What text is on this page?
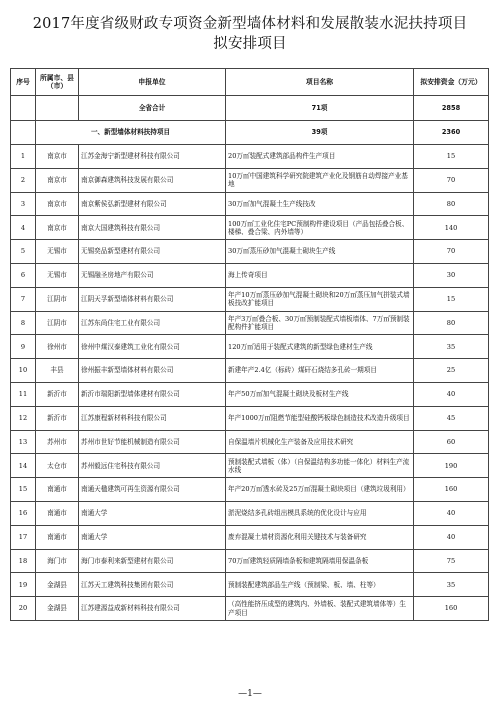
2017年度省级财政专项资金新型墙体材料和发展散装水泥扶持项目
拟安排项目
序号	所属市、县（市）	申报单位	项目名称	拟安排资金（万元）
		全省合计	71项	2858
	一、新型墙体材料扶持项目		39项	2360
1	南京市	江苏金海宁新型建材科技有限公司	20万㎡装配式建筑部品构件生产项目	15
2	南京市	南京御森建筑科技发展有限公司	10万㎡中国建筑科学研究院建筑产业化及钢筋自动焊接产业基地	70
3	南京市	南京紫侯弘新型建材有限公司	30万㎡加气混凝土生产线技改	80
4	南京市	南京大国建筑科技有限公司	100万㎡工业化住宅PC预制构件建设项目（产品包括叠合板、楼梯、叠合梁、内外墙等）	140
5	无锡市	无锡奕品新型建材有限公司	30万㎡蒸压砂加气混凝土砌块生产线	70
6	无锡市	无锡融圣房地产有限公司	海上传奇项目	30
7	江阴市	江阴天孚新型墙体材料有限公司	年产10万㎡蒸压砂加气混凝土砌块和20万㎡蒸压加气拼装式墙板技改扩能项目	15
8	江阴市	江苏东尚住宅工业有限公司	年产3万㎡叠合板、30万㎡预制装配式墙板墙体、7万㎡预制装配构件扩能项目	80
9	徐州市	徐州中煤汉泰建筑工业化有限公司	120万㎡适用于装配式建筑的新型绿色建材生产线	35
10	丰县	徐州振丰新型墙体材料有限公司	新建年产2.4亿（标砖）煤矸石烧结多孔砖一期项目	25
11	新沂市	新沂市瑞阳新型墙体建材有限公司	年产50万㎡加气混凝土砌块及板材生产线	40
12	新沂市	江苏康程新材料科技有限公司	年产1000万㎡阻燃节能型硅酸钙板绿色制造技术改造升级项目	45
13	苏州市	苏州市世好节能机械制造有限公司	自保温墙片机械化生产装备及应用技术研究	60
14	太仓市	苏州毅远住宅科技有限公司	预制装配式墙板（体）（自保温结构多功能一体化）材料生产流水线	190
15	南通市	南通天楹建筑可再生资源有限公司	年产20万㎡透水砖及25万㎡混凝土砌块项目（建筑垃圾利用）	160
16	南通市	南通大学	淤泥烧结多孔砖组出模具系统的优化设计与应用	40
17	南通市	南通大学	废弃混凝土墙材资源化利用关键技术与装备研究	40
18	海门市	海门市泰利来新型建材有限公司	70万㎡建筑轻质隔墙条板和建筑隔墙用保温条板	75
19	金湖县	江苏天工建筑科技集团有限公司	预制装配建筑部品生产线（预制梁、板、墙、柱等）	35
20	金湖县	江苏建源益成新材料科技有限公司	（高性能挤压成型的建筑内、外墙板、装配式建筑墙体等）生产项目	160
—1—
